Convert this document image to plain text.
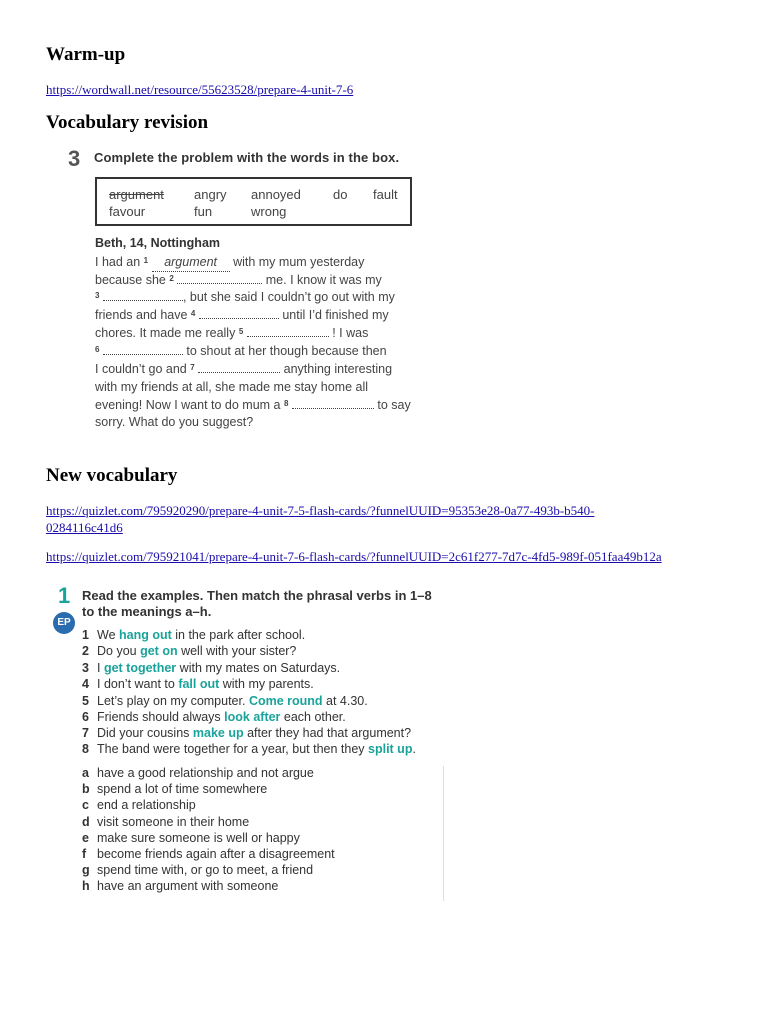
Warm-up
https://wordwall.net/resource/55623528/prepare-4-unit-7-6
Vocabulary revision
3 Complete the problem with the words in the box.
argument angry annoyed do fault
favour	fun	wrong
Beth, 14, Nottingham
I had an $^1$ argument with my mum yesterday
because she $^2$	me. I know it was my
$^3$	, but she said I couldn’t go out with my
friends and have $^4$	until I’d finished my
chores. It made me really $^5$	! I was
$^6$	to shout at her though because then
I couldn’t go and $^7$	anything interesting
with my friends at all, she made me stay home all
evening! Now I want to do mum a $^8$	to say
sorry. What do you suggest?
New vocabulary
https://quizlet.com/795920290/prepare-4-unit-7-5-flash-cards/?funnelUUID=95353e28-0a77-493b-b540-
0284116c41d6
https://quizlet.com/795921041/prepare-4-unit-7-6-flash-cards/?funnelUUID=2c61f277-7d7c-4fd5-989f-051faa49b12a
1
EP
Read the examples. Then match the phrasal verbs in 1–8
to the meanings a–h.
1 We hang out in the park after school.
2 Do you get on well with your sister?
3 I get together with my mates on Saturdays.
4 I don’t want to fall out with my parents.
5 Let’s play on my computer. Come round at 4.30.
6 Friends should always look after each other.
7 Did your cousins make up after they had that argument?
8 The band were together for a year, but then they split up.
a have a good relationship and not argue
b spend a lot of time somewhere
c end a relationship
d visit someone in their home
e make sure someone is well or happy
f become friends again after a disagreement
g spend time with, or go to meet, a friend
h have an argument with someone
